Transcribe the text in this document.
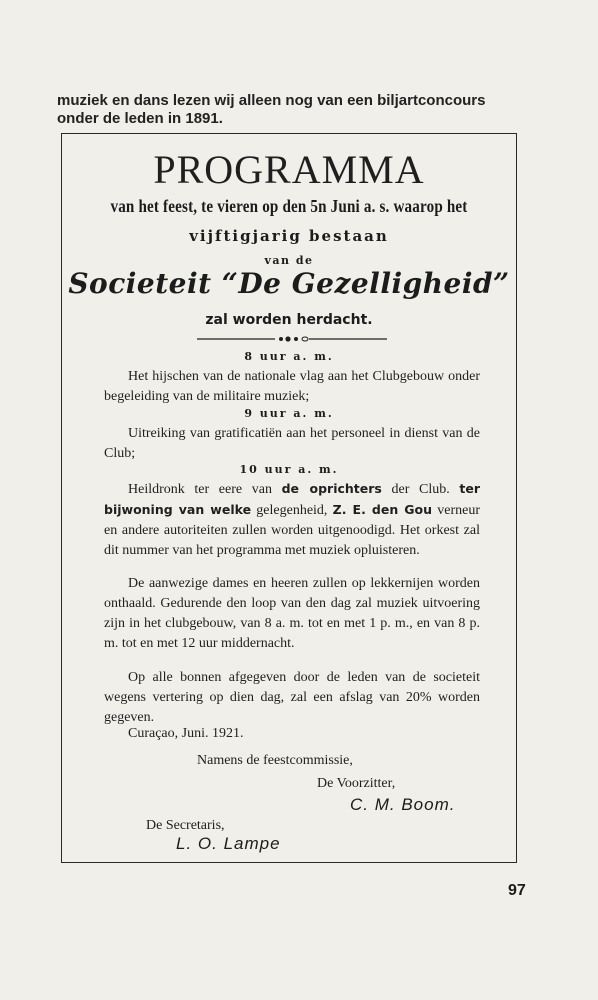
muziek en dans lezen wij alleen nog van een biljartconcours
onder de leden in 1891.
PROGRAMMA
van het feest, te vieren op den 5n Juni a. s. waarop het
vijftigjarig bestaan
van de
Societeit “De Gezelligheid”
zal worden herdacht.
8 uur a. m.
Het hijschen van de nationale vlag aan het Clubgebouw onder begeleiding van de militaire muziek;
9 uur a. m.
Uitreiking van gratificatiën aan het personeel in dienst van de Club;
10 uur a. m.
Heildronk ter eere van de oprichters der Club. ter bijwoning van welke gelegenheid, Z. E. den Gou verneur en andere autoriteiten zullen worden uitgenoodigd. Het orkest zal dit nummer van het programma met muziek opluisteren.
De aanwezige dames en heeren zullen op lekkernijen worden onthaald. Gedurende den loop van den dag zal muziek uitvoering zijn in het clubgebouw, van 8 a. m. tot en met 1 p. m., en van 8 p. m. tot en met 12 uur middernacht.
Op alle bonnen afgegeven door de leden van de societeit wegens vertering op dien dag, zal een afslag van 20% worden gegeven.
Curaçao, Juni. 1921.
Namens de feestcommissie,
De Voorzitter,
C. M. Boom.
De Secretaris,
L. O. Lampe
97
